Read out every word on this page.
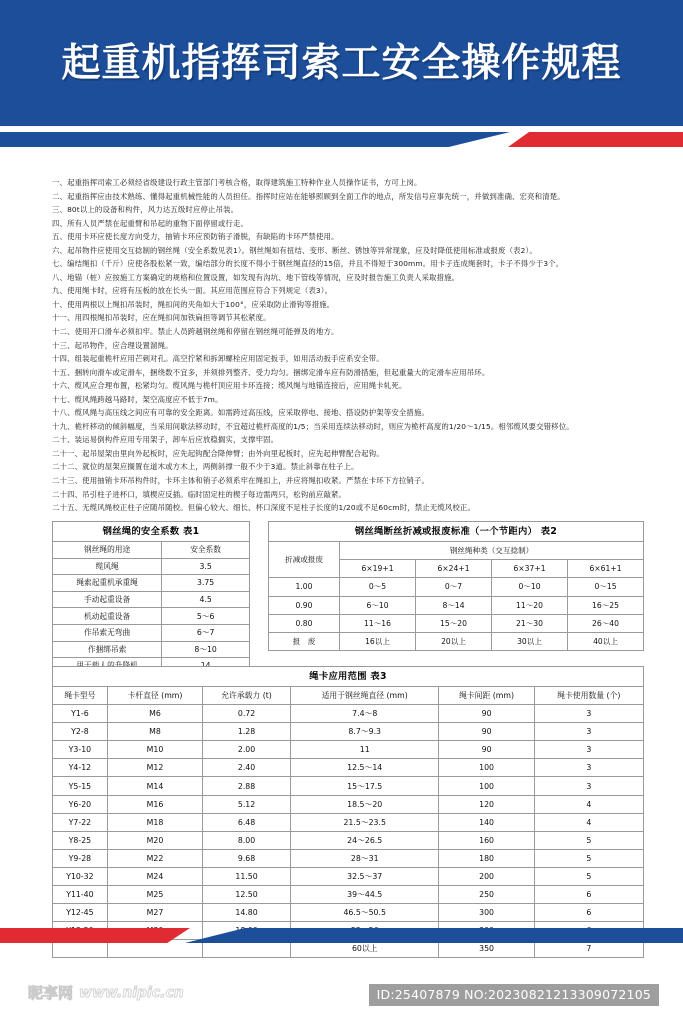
起重机指挥司索工安全操作规程
一、起重指挥司索工必须经省级建设行政主管部门考核合格，取得建筑施工特种作业人员操作证书，方可上岗。
二、起重指挥应由技术熟练、懂得起重机械性能的人员担任。指挥时应站在能够照顾到全面工作的地点，所发信号应事先统一，并做到准确、宏亮和清楚。
三、80t以上的设备和构件，风力达五级时应停止吊装。
四、所有人员严禁在起重臂和吊起的重物下面停留或行走。
五、使用卡环应使长度方向受力，抽销卡环应预防销子滑脱，有缺陷的卡环严禁使用。
六、起吊物件应使用交互捻制的钢丝绳（安全系数见表1）。钢丝绳如有扭结、变形、断丝、锈蚀等异常现象，应及时降低使用标准或报废（表2）。
七、编结绳扣（千斤）应使各股松紧一致，编结部分的长度不得小于钢丝绳直径的15倍，并且不得短于300mm。用卡子连成绳套时，卡子不得少于3个。
八、地锚（桩）应按施工方案确定的规格和位置设置，如发现有沟坑、地下管线等情况，应及时报告施工负责人采取措施。
九、使用绳卡时，应将有压板的放在长头一面。其应用范围应符合下列规定（表3）。
十、使用两根以上绳扣吊装时，绳扣间的夹角如大于100°，应采取防止滑钩等措施。
十一、用四根绳扣吊装时，应在绳扣间加铁扁担等调节其松紧度。
十二、使用开口滑车必须扣牢。禁止人员跨越钢丝绳和停留在钢丝绳可能弹及的地方。
十三、起吊物件，应合理设置溜绳。
十四、组装起重桅杆应用芒刺对孔。高空拧紧和拆卸螺栓应用固定扳手，如用活动扳手应系安全带。
十五、捆转向滑车或定滑车，捆绕数不宜多，并须排列整齐、受力均匀。捆绑定滑车应有防滑措施，但起重量大的定滑车应用吊环。
十六、缆风应合理布置，松紧均匀。缆风绳与桅杆顶应用卡环连接；缆风绳与地锚连接后，应用绳卡轧死。
十七、缆风绳跨越马路时，架空高度应不低于7m。
十八、缆风绳与高压线之间应有可靠的安全距离。如需跨过高压线，应采取停电、接地、搭设防护架等安全措施。
十九、桅杆移动的倾斜幅度，当采用间歇法移动时，不宜超过桅杆高度的1/5；当采用连续法移动时，则应为桅杆高度的1/20～1/15。相邻缆风要交错移位。
二十、装运易倒构件应用专用架子，卸车后应放稳搁实，支撑牢固。
二十一、起吊屋架由里向外起板时，应先起钩配合降伸臂；由外向里起板时，应先起伸臂配合起钩。
二十二、就位的屋架应搁置在道木或方木上，两侧斜撑一般不少于3道。禁止斜靠在柱子上。
二十三、使用抽销卡环吊构件时，卡环主体和销子必须系牢在绳扣上，并应将绳扣收紧。严禁在卡环下方拉销子。
二十四、吊引柱子进杯口，填楔应反插。临时固定柱的楔子每边需两只，松钩前应敲紧。
二十五、无缆风绳校正柱子应随吊随校。但偏心较大、细长、杯口深度不足柱子长度的1/20或不足60cm时，禁止无缆风校正。
钢丝绳的安全系数 表1
钢丝绳的用途	安全系数
缆风绳	3.5
绳索起重机承重绳	3.75
手动起重设备	4.5
机动起重设备	5～6
作吊索无弯曲	6～7
作捆绑吊索	8～10

钢丝绳断丝折减或报废标准（一个节距内） 表2
折减或报废	钢丝绳种类（交互捻制）			
	6×19+1	6×24+1	6×37+1	6×61+1
1.00	0～5	0～7	0～10	0～15
0.90	6～10	8～14	11～20	16～25
0.80	11～16	15～20	21～30	26～40
报　废	16以上	20以上	30以上	40以上
绳卡应用范围 表3
绳卡型号	卡杆直径 (mm)	允许承载力 (t)	适用于钢丝绳直径 (mm)	绳卡间距 (mm)	绳卡使用数量 (个)
Y1-6	M6	0.72	7.4～8	90	3
Y2-8	M8	1.28	8.7～9.3	90	3
Y3-10	M10	2.00	11	90	3
Y4-12	M12	2.40	12.5～14	100	3
Y5-15	M14	2.88	15～17.5	100	3
Y6-20	M16	5.12	18.5～20	120	4
Y7-22	M18	6.48	21.5～23.5	140	4
Y8-25	M20	8.00	24～26.5	160	5
Y9-28	M22	9.68	28～31	180	5
Y10-32	M24	11.50	32.5～37	200	5
Y11-40	M25	12.50	39～44.5	250	6
Y12-45	M27	14.80	46.5～50.5	300	6

			60以上	350	7
昵享网 www.nipic.cn	ID:25407879 NO:20230821213309072105
